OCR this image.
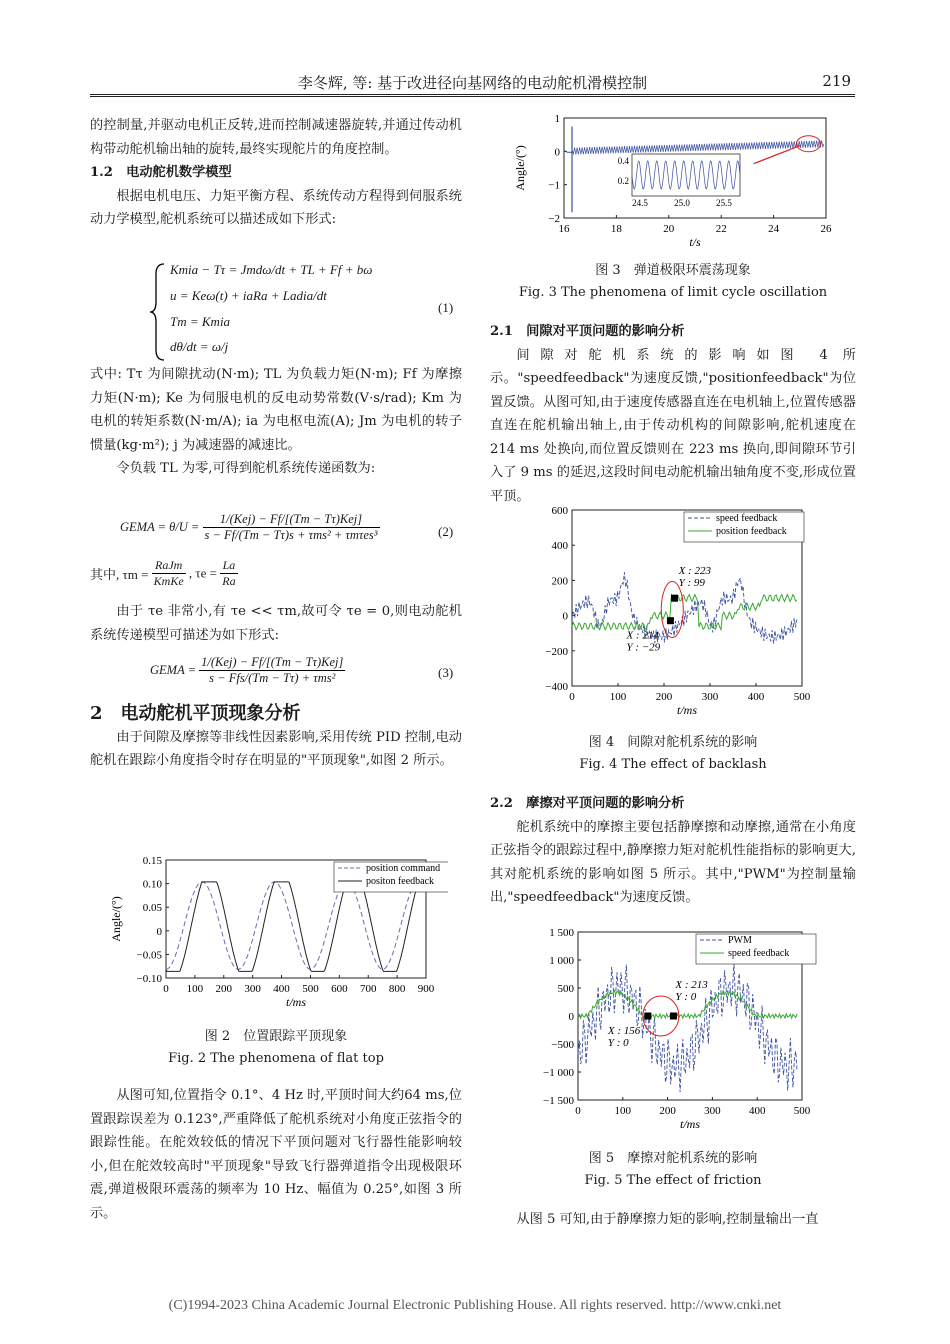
李冬辉, 等: 基于改进径向基网络的电动舵机滑模控制	219

的控制量,并驱动电机正反转,进而控制减速器旋转,并通过传动机构带动舵机输出轴的旋转,最终实现舵片的角度控制。

1.2　电动舵机数学模型

根据电机电压、力矩平衡方程、系统传动方程得到伺服系统动力学模型,舵机系统可以描述成如下形式:

Kmia − Tτ = Jmdω/dt + TL + Ff + bω
u = Keω(t) + iaRa + Ladia/dt
Tm = Kmia
dθ/dt = ω/j
(1)

式中: Tτ 为间隙扰动(N·m); TL 为负载力矩(N·m); Ff 为摩擦力矩(N·m); Ke 为伺服电机的反电动势常数(V·s/rad); Km 为电机的转矩系数(N·m/A); ia 为电枢电流(A); Jm 为电机的转子惯量(kg·m²); j 为减速器的减速比。

令负载 TL 为零,可得到舵机系统传递函数为:

GEMA = $\theta/U = \frac{\text{1/(Kej) − Ff/[(Tm − Tτ)Kej]}}{\text{s − Ff/(Tm − Tτ)s + τms² + τmτes³}}$	(2)
其中, $\tau m = \frac{\text{RaJm}}{\text{KmKe}}$ , $\tau e = \frac{La}{Ra}$

由于 τe 非常小,有 τe << τm,故可令 τe = 0,则电动舵机系统传递模型可描述为如下形式:

GEMA = $\frac{\text{1/(Kej) − Ff/[(Tm − Tτ)Kej]}}{\text{s − Ffs/(Tm − Tτ) + τms²}}$	(3)

2　电动舵机平顶现象分析

由于间隙及摩擦等非线性因素影响,采用传统 PID 控制,电动舵机在跟踪小角度指令时存在明显的"平顶现象",如图 2 所示。

0 100 200 300 400 500 600 700 800 900
0.15
0.10
0.05
0
−0.05
−0.10
t/ms
Angle/(°)
position command
positon feedback
图 2　位置跟踪平顶现象
Fig. 2 The phenomena of flat top

从图可知,位置指令 0.1°、4 Hz 时,平顶时间大约64 ms,位置跟踪误差为 0.123°,严重降低了舵机系统对小角度正弦指令的跟踪性能。在舵效较低的情况下平顶问题对飞行器性能影响较小,但在舵效较高时"平顶现象"导致飞行器弹道指令出现极限环震,弹道极限环震荡的频率为 10 Hz、幅值为 0.25°,如图 3 所示。

16	18	20	22	24	26
1
0
−1
−2
t/s
Angle/(°)
24.5	25.0	25.5
0.4
0.2
图 3　弹道极限环震荡现象
Fig. 3 The phenomena of limit cycle oscillation

2.1　间隙对平顶问题的影响分析

间隙对舵机系统的影响如图 4 所示。"speedfeedback"为速度反馈,"positionfeedback"为位置反馈。从图可知,由于速度传感器直连在电机轴上,位置传感器直连在舵机输出轴上,由于传动机构的间隙影响,舵机速度在 214 ms 处换向,而位置反馈则在 223 ms 换向,即间隙环节引入了 9 ms 的延迟,这段时间电动舵机输出轴角度不变,形成位置平顶。

0	100	200	300	400	500
600
400
200
0
−200
−400
t/ms
speed feedback
position feedback
X : 223
Y : 99
X : 214
Y : −29
图 4　间隙对舵机系统的影响
Fig. 4 The effect of backlash

2.2　摩擦对平顶问题的影响分析

舵机系统中的摩擦主要包括静摩擦和动摩擦,通常在小角度正弦指令的跟踪过程中,静摩擦力矩对舵机性能指标的影响更大,其对舵机系统的影响如图 5 所示。其中,"PWM"为控制量输出,"speedfeedback"为速度反馈。

0	100	200	300	400	500
1 500
1 000
500
0
−500
−1 000
−1 500
t/ms
PWM
speed feedback
X : 213
Y : 0
X : 156
Y : 0
图 5　摩擦对舵机系统的影响
Fig. 5 The effect of friction

从图 5 可知,由于静摩擦力矩的影响,控制量输出一直

(C)1994-2023 China Academic Journal Electronic Publishing House. All rights reserved. http://www.cnki.net
